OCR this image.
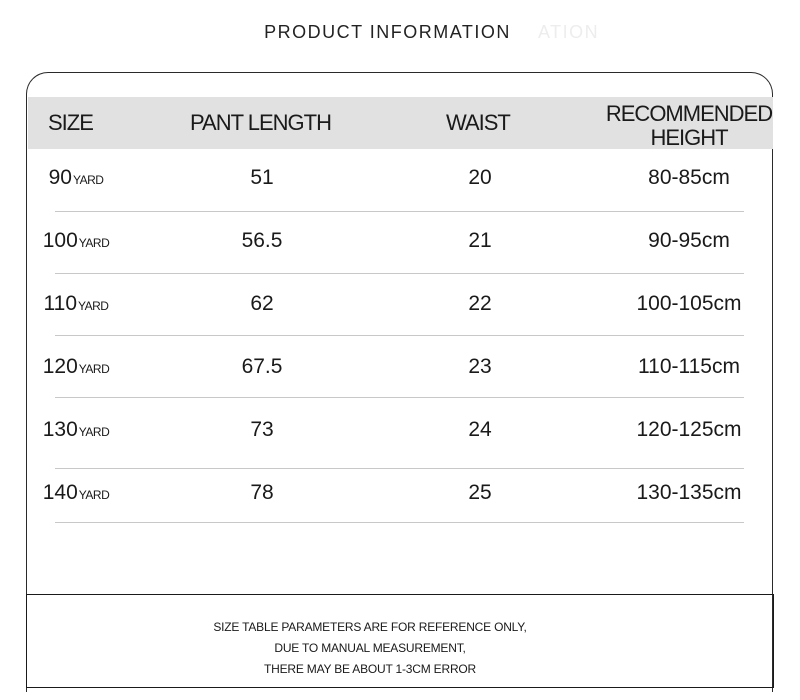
PRODUCT INFORMATION	ATION
SIZE	PANT LENGTH	WAIST	RECOMMENDED
HEIGHT
90YARD	51	20	80-85cm
100YARD	56.5	21	90-95cm
110YARD	62	22	100-105cm
120YARD	67.5	23	110-115cm
130YARD	73	24	120-125cm
140YARD	78	25	130-135cm
SIZE TABLE PARAMETERS ARE FOR REFERENCE ONLY,
DUE TO MANUAL MEASUREMENT,
THERE MAY BE ABOUT 1-3CM ERROR
